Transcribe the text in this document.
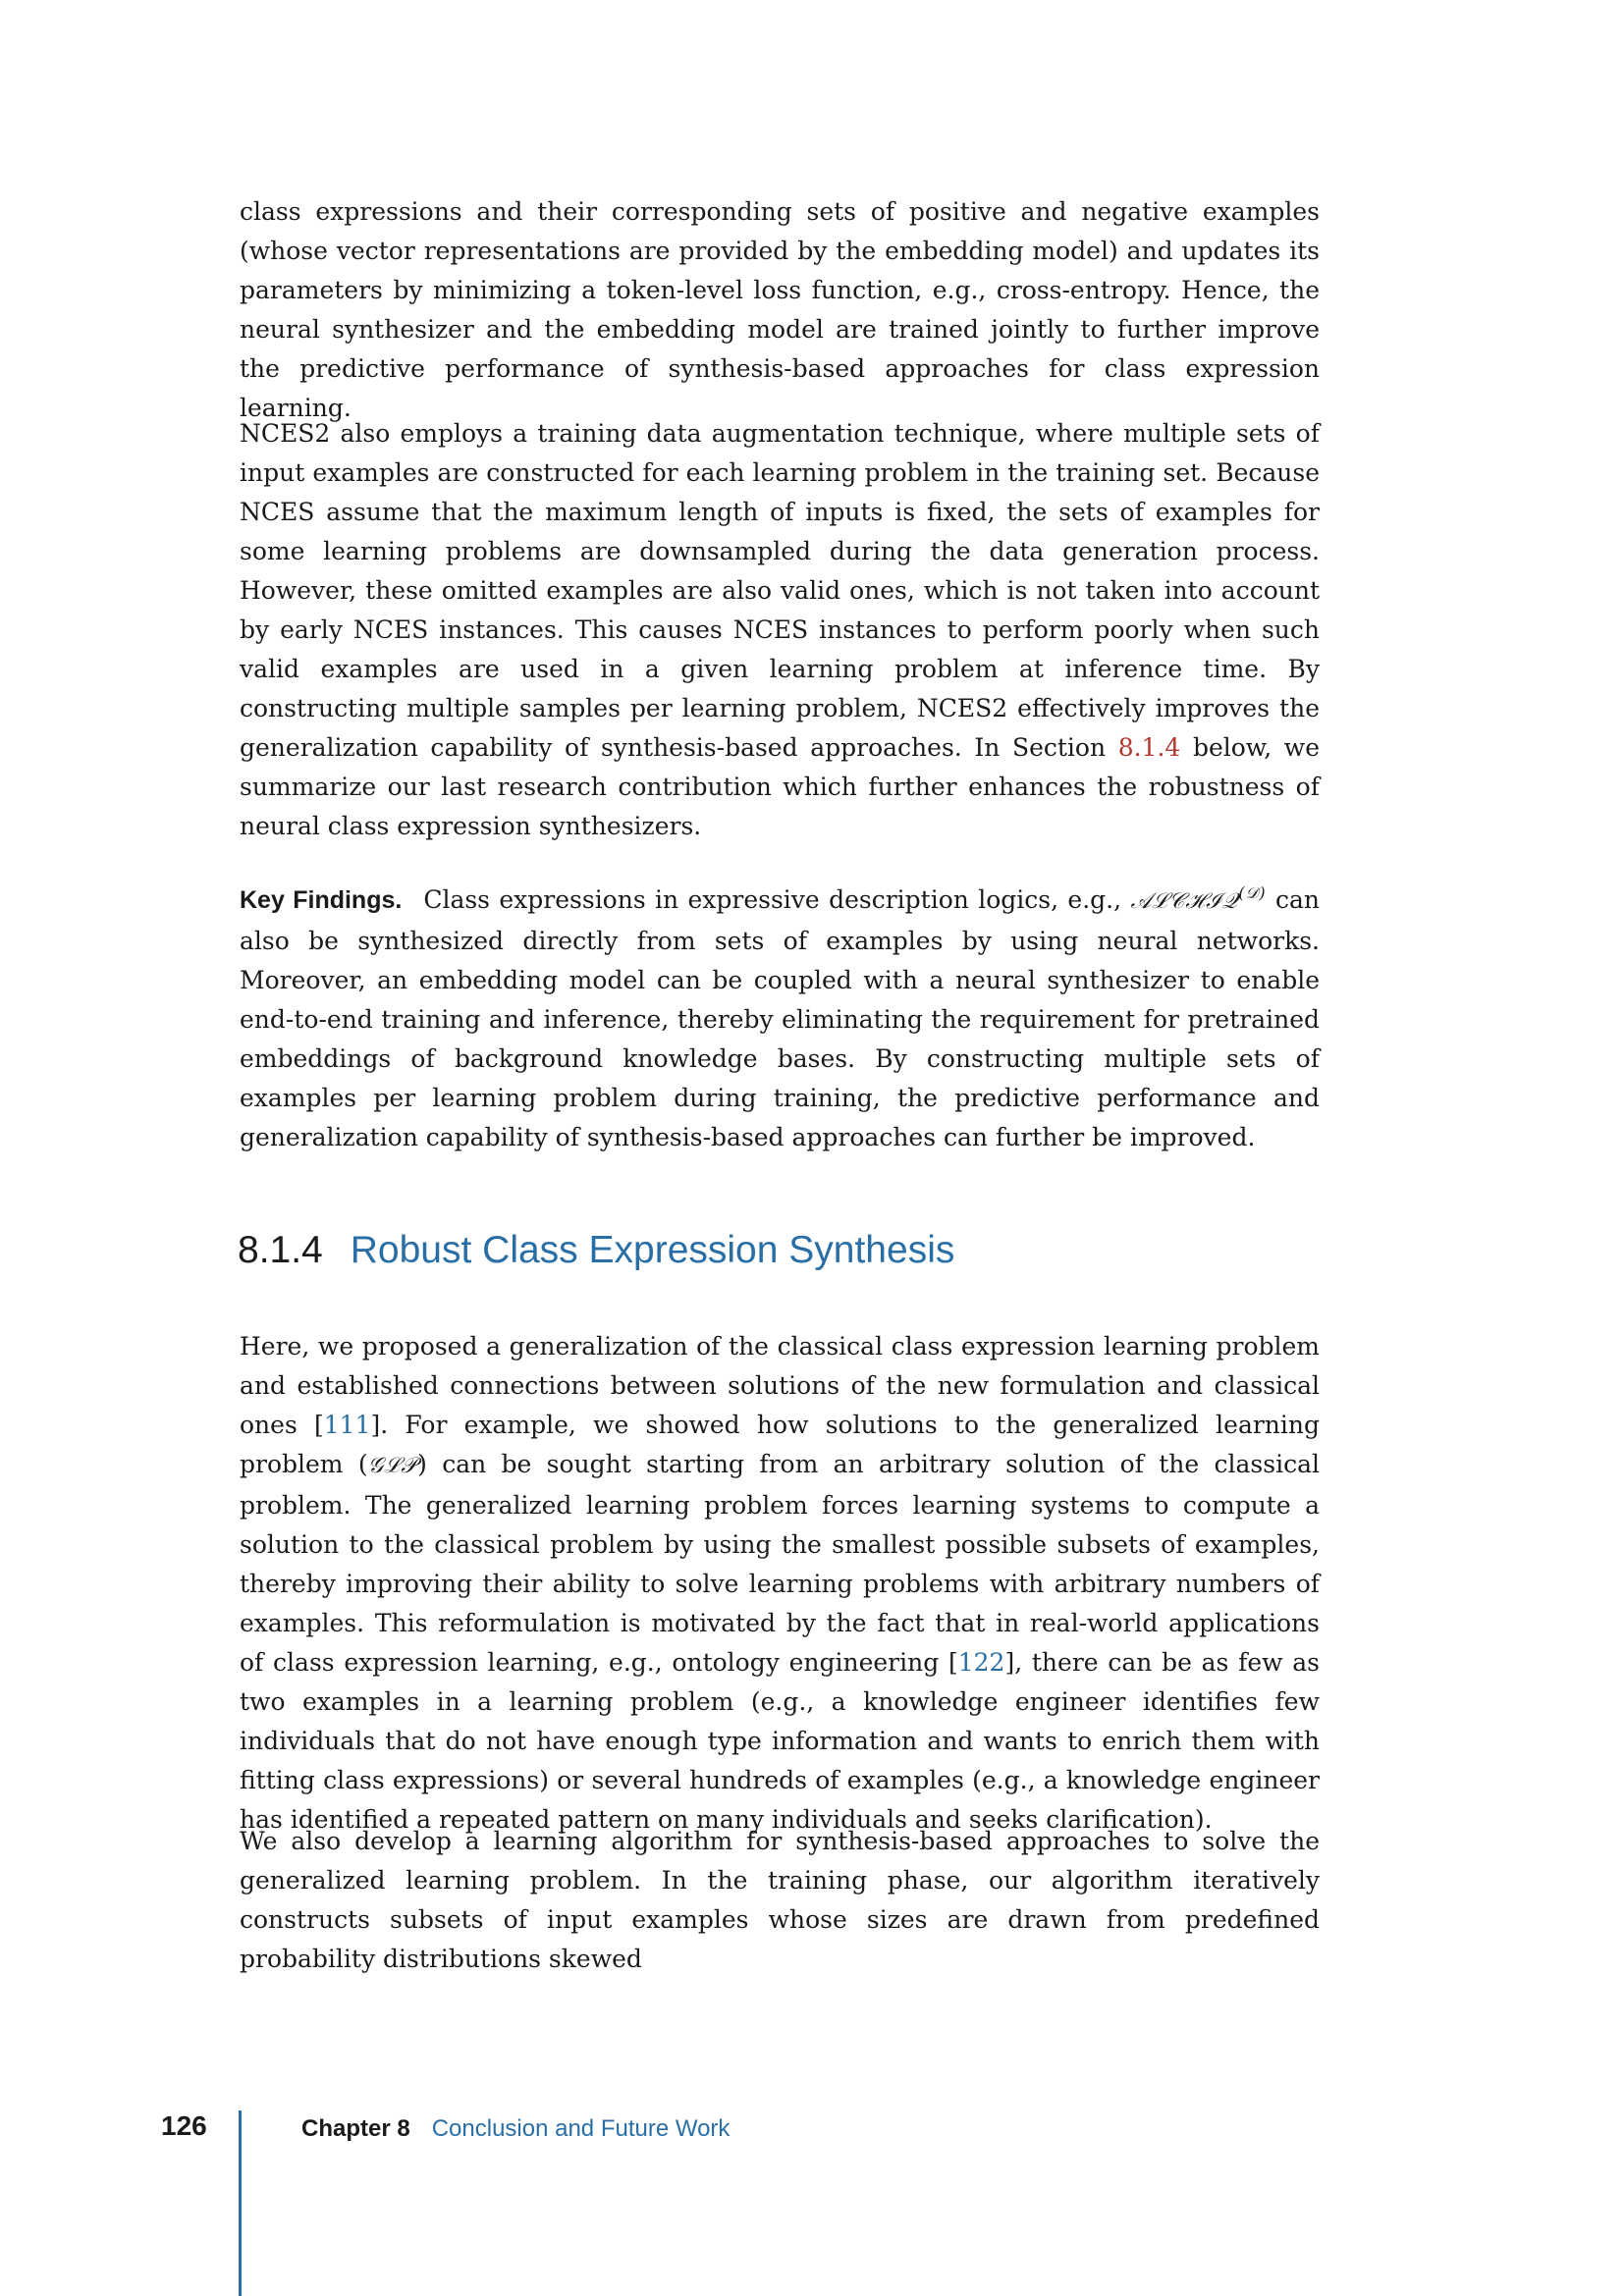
class expressions and their corresponding sets of positive and negative examples (whose vector representations are provided by the embedding model) and updates its parameters by minimizing a token-level loss function, e.g., cross-entropy. Hence, the neural synthesizer and the embedding model are trained jointly to further improve the predictive performance of synthesis-based approaches for class expression learning.

NCES2 also employs a training data augmentation technique, where multiple sets of input examples are constructed for each learning problem in the training set. Because NCES assume that the maximum length of inputs is fixed, the sets of examples for some learning problems are downsampled during the data generation process. However, these omitted examples are also valid ones, which is not taken into account by early NCES instances. This causes NCES instances to perform poorly when such valid examples are used in a given learning problem at inference time. By constructing multiple samples per learning problem, NCES2 effectively improves the generalization capability of synthesis-based approaches. In Section 8.1.4 below, we summarize our last research contribution which further enhances the robustness of neural class expression synthesizers.

Key Findings. Class expressions in expressive description logics, e.g., 𝒜ℒ𝒞ℋℐ𝒬$^{(𝒟)}$ can also be synthesized directly from sets of examples by using neural networks. Moreover, an embedding model can be coupled with a neural synthesizer to enable end-to-end training and inference, thereby eliminating the requirement for pretrained embeddings of background knowledge bases. By constructing multiple sets of examples per learning problem during training, the predictive performance and generalization capability of synthesis-based approaches can further be improved.

8.1.4 Robust Class Expression Synthesis

Here, we proposed a generalization of the classical class expression learning problem and established connections between solutions of the new formulation and classical ones [111]. For example, we showed how solutions to the generalized learning problem (𝒢ℒ𝒫) can be sought starting from an arbitrary solution of the classical problem. The generalized learning problem forces learning systems to compute a solution to the classical problem by using the smallest possible subsets of examples, thereby improving their ability to solve learning problems with arbitrary numbers of examples. This reformulation is motivated by the fact that in real-world applications of class expression learning, e.g., ontology engineering [122], there can be as few as two examples in a learning problem (e.g., a knowledge engineer identifies few individuals that do not have enough type information and wants to enrich them with fitting class expressions) or several hundreds of examples (e.g., a knowledge engineer has identified a repeated pattern on many individuals and seeks clarification).

We also develop a learning algorithm for synthesis-based approaches to solve the generalized learning problem. In the training phase, our algorithm iteratively constructs subsets of input examples whose sizes are drawn from predefined probability distributions skewed

126	Chapter 8 Conclusion and Future Work
